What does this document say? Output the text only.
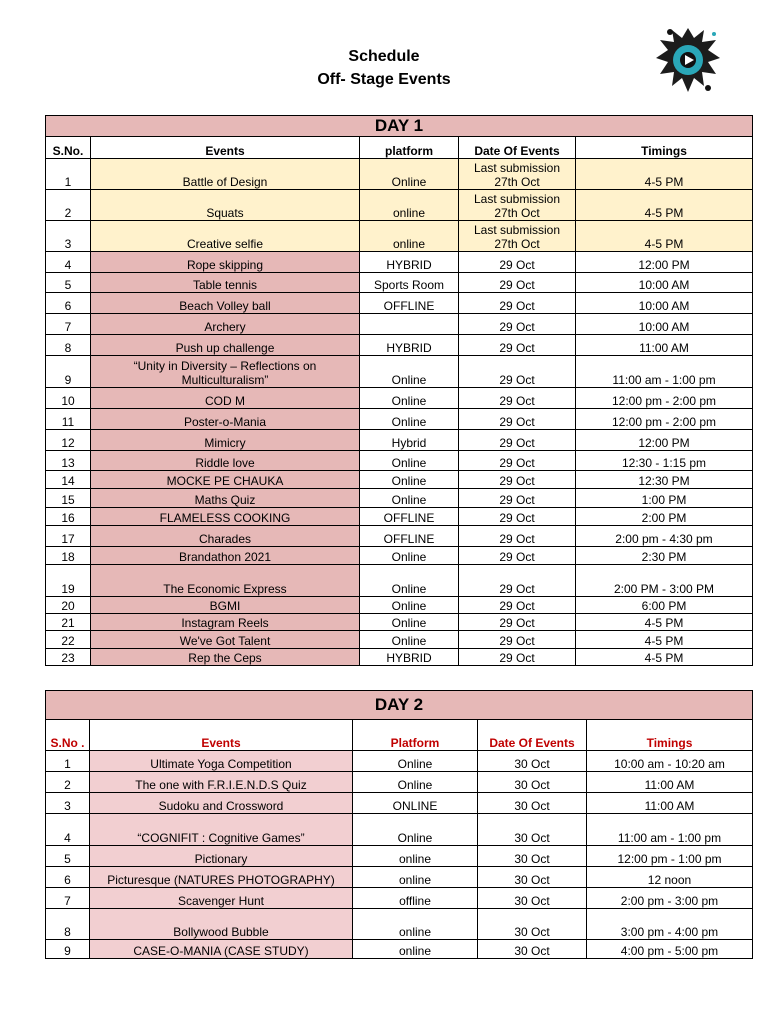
Schedule
Off- Stage Events
DAY 1				
S.No.	Events	platform	Date Of Events	Timings
1	Battle of Design	Online	Last submission 27th Oct	4-5 PM
2	Squats	online	Last submission 27th Oct	4-5 PM
3	Creative selfie	online	Last submission 27th Oct	4-5 PM
4	Rope skipping	HYBRID	29 Oct	12:00 PM
5	Table tennis	Sports Room	29 Oct	10:00 AM
6	Beach Volley ball	OFFLINE	29 Oct	10:00 AM
7	Archery		29 Oct	10:00 AM
8	Push up challenge	HYBRID	29 Oct	11:00 AM
9	“Unity in Diversity – Reflections on Multiculturalism”	Online	29 Oct	11:00 am - 1:00 pm
10	COD M	Online	29 Oct	12:00 pm - 2:00 pm
11	Poster-o-Mania	Online	29 Oct	12:00 pm - 2:00 pm
12	Mimicry	Hybrid	29 Oct	12:00 PM
13	Riddle love	Online	29 Oct	12:30 - 1:15 pm
14	MOCKE PE CHAUKA	Online	29 Oct	12:30 PM
15	Maths Quiz	Online	29 Oct	1:00 PM
16	FLAMELESS COOKING	OFFLINE	29 Oct	2:00 PM
17	Charades	OFFLINE	29 Oct	2:00 pm - 4:30 pm
18	Brandathon 2021	Online	29 Oct	2:30 PM
19	The Economic Express	Online	29 Oct	2:00 PM - 3:00 PM
20	BGMI	Online	29 Oct	6:00 PM
21	Instagram Reels	Online	29 Oct	4-5 PM
22	We've Got Talent	Online	29 Oct	4-5 PM
23	Rep the Ceps	HYBRID	29 Oct	4-5 PM
DAY 2				
S.No .	Events	Platform	Date Of Events	Timings
1	Ultimate Yoga Competition	Online	30 Oct	10:00 am - 10:20 am
2	The one with F.R.I.E.N.D.S Quiz	Online	30 Oct	11:00 AM
3	Sudoku and Crossword	ONLINE	30 Oct	11:00 AM
4	“COGNIFIT : Cognitive Games”	Online	30 Oct	11:00 am - 1:00 pm
5	Pictionary	online	30 Oct	12:00 pm - 1:00 pm
6	Picturesque (NATURES PHOTOGRAPHY)	online	30 Oct	12 noon
7	Scavenger Hunt	offline	30 Oct	2:00 pm - 3:00 pm
8	Bollywood Bubble	online	30 Oct	3:00 pm - 4:00 pm
9	CASE-O-MANIA (CASE STUDY)	online	30 Oct	4:00 pm - 5:00 pm
